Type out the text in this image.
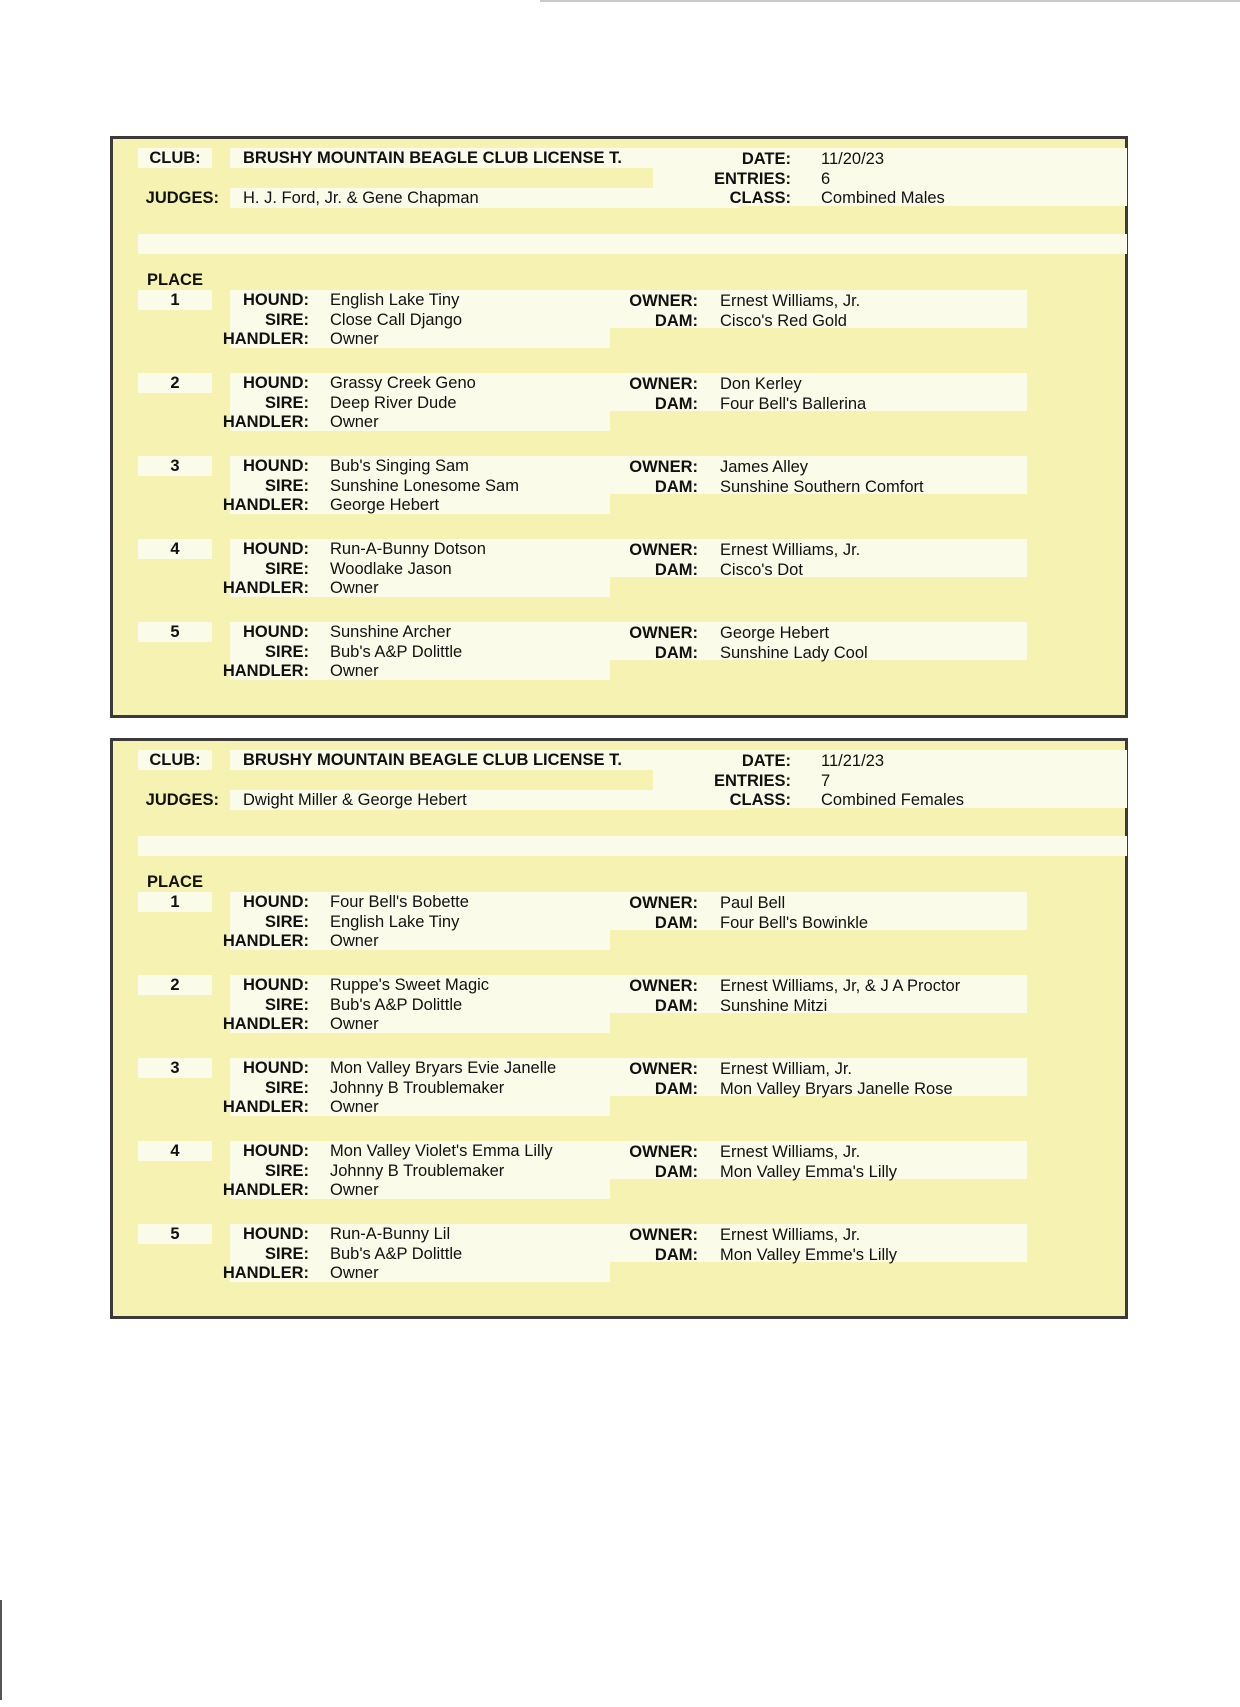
CLUB:	BRUSHY MOUNTAIN BEAGLE CLUB LICENSE T.
JUDGES: H. J. Ford, Jr. & Gene Chapman
DATE: 11/20/23
ENTRIES: 6
CLASS: Combined Males
PLACE
1	HOUND: English Lake Tiny
SIRE: Close Call Django
HANDLER: Owner
OWNER: Ernest Williams, Jr.
DAM: Cisco's Red Gold
2	HOUND: Grassy Creek Geno
SIRE: Deep River Dude
HANDLER: Owner
OWNER: Don Kerley
DAM: Four Bell's Ballerina
3	HOUND: Bub's Singing Sam
SIRE: Sunshine Lonesome Sam
HANDLER: George Hebert
OWNER: James Alley
DAM: Sunshine Southern Comfort
4	HOUND: Run-A-Bunny Dotson
SIRE: Woodlake Jason
HANDLER: Owner
OWNER: Ernest Williams, Jr.
DAM: Cisco's Dot
5	HOUND: Sunshine Archer
SIRE: Bub's A&P Dolittle
HANDLER: Owner
OWNER: George Hebert
DAM: Sunshine Lady Cool
CLUB:	BRUSHY MOUNTAIN BEAGLE CLUB LICENSE T.
JUDGES: Dwight Miller & George Hebert
DATE: 11/21/23
ENTRIES: 7
CLASS: Combined Females
PLACE
1	HOUND: Four Bell's Bobette
SIRE: English Lake Tiny
HANDLER: Owner
OWNER: Paul Bell
DAM: Four Bell's Bowinkle
2	HOUND: Ruppe's Sweet Magic
SIRE: Bub's A&P Dolittle
HANDLER: Owner
OWNER: Ernest Williams, Jr, & J A Proctor
DAM: Sunshine Mitzi
3	HOUND: Mon Valley Bryars Evie Janelle
SIRE: Johnny B Troublemaker
HANDLER: Owner
OWNER: Ernest William, Jr.
DAM: Mon Valley Bryars Janelle Rose
4	HOUND: Mon Valley Violet's Emma Lilly
SIRE: Johnny B Troublemaker
HANDLER: Owner
OWNER: Ernest Williams, Jr.
DAM: Mon Valley Emma's Lilly
5	HOUND: Run-A-Bunny Lil
SIRE: Bub's A&P Dolittle
HANDLER: Owner
OWNER: Ernest Williams, Jr.
DAM: Mon Valley Emme's Lilly
